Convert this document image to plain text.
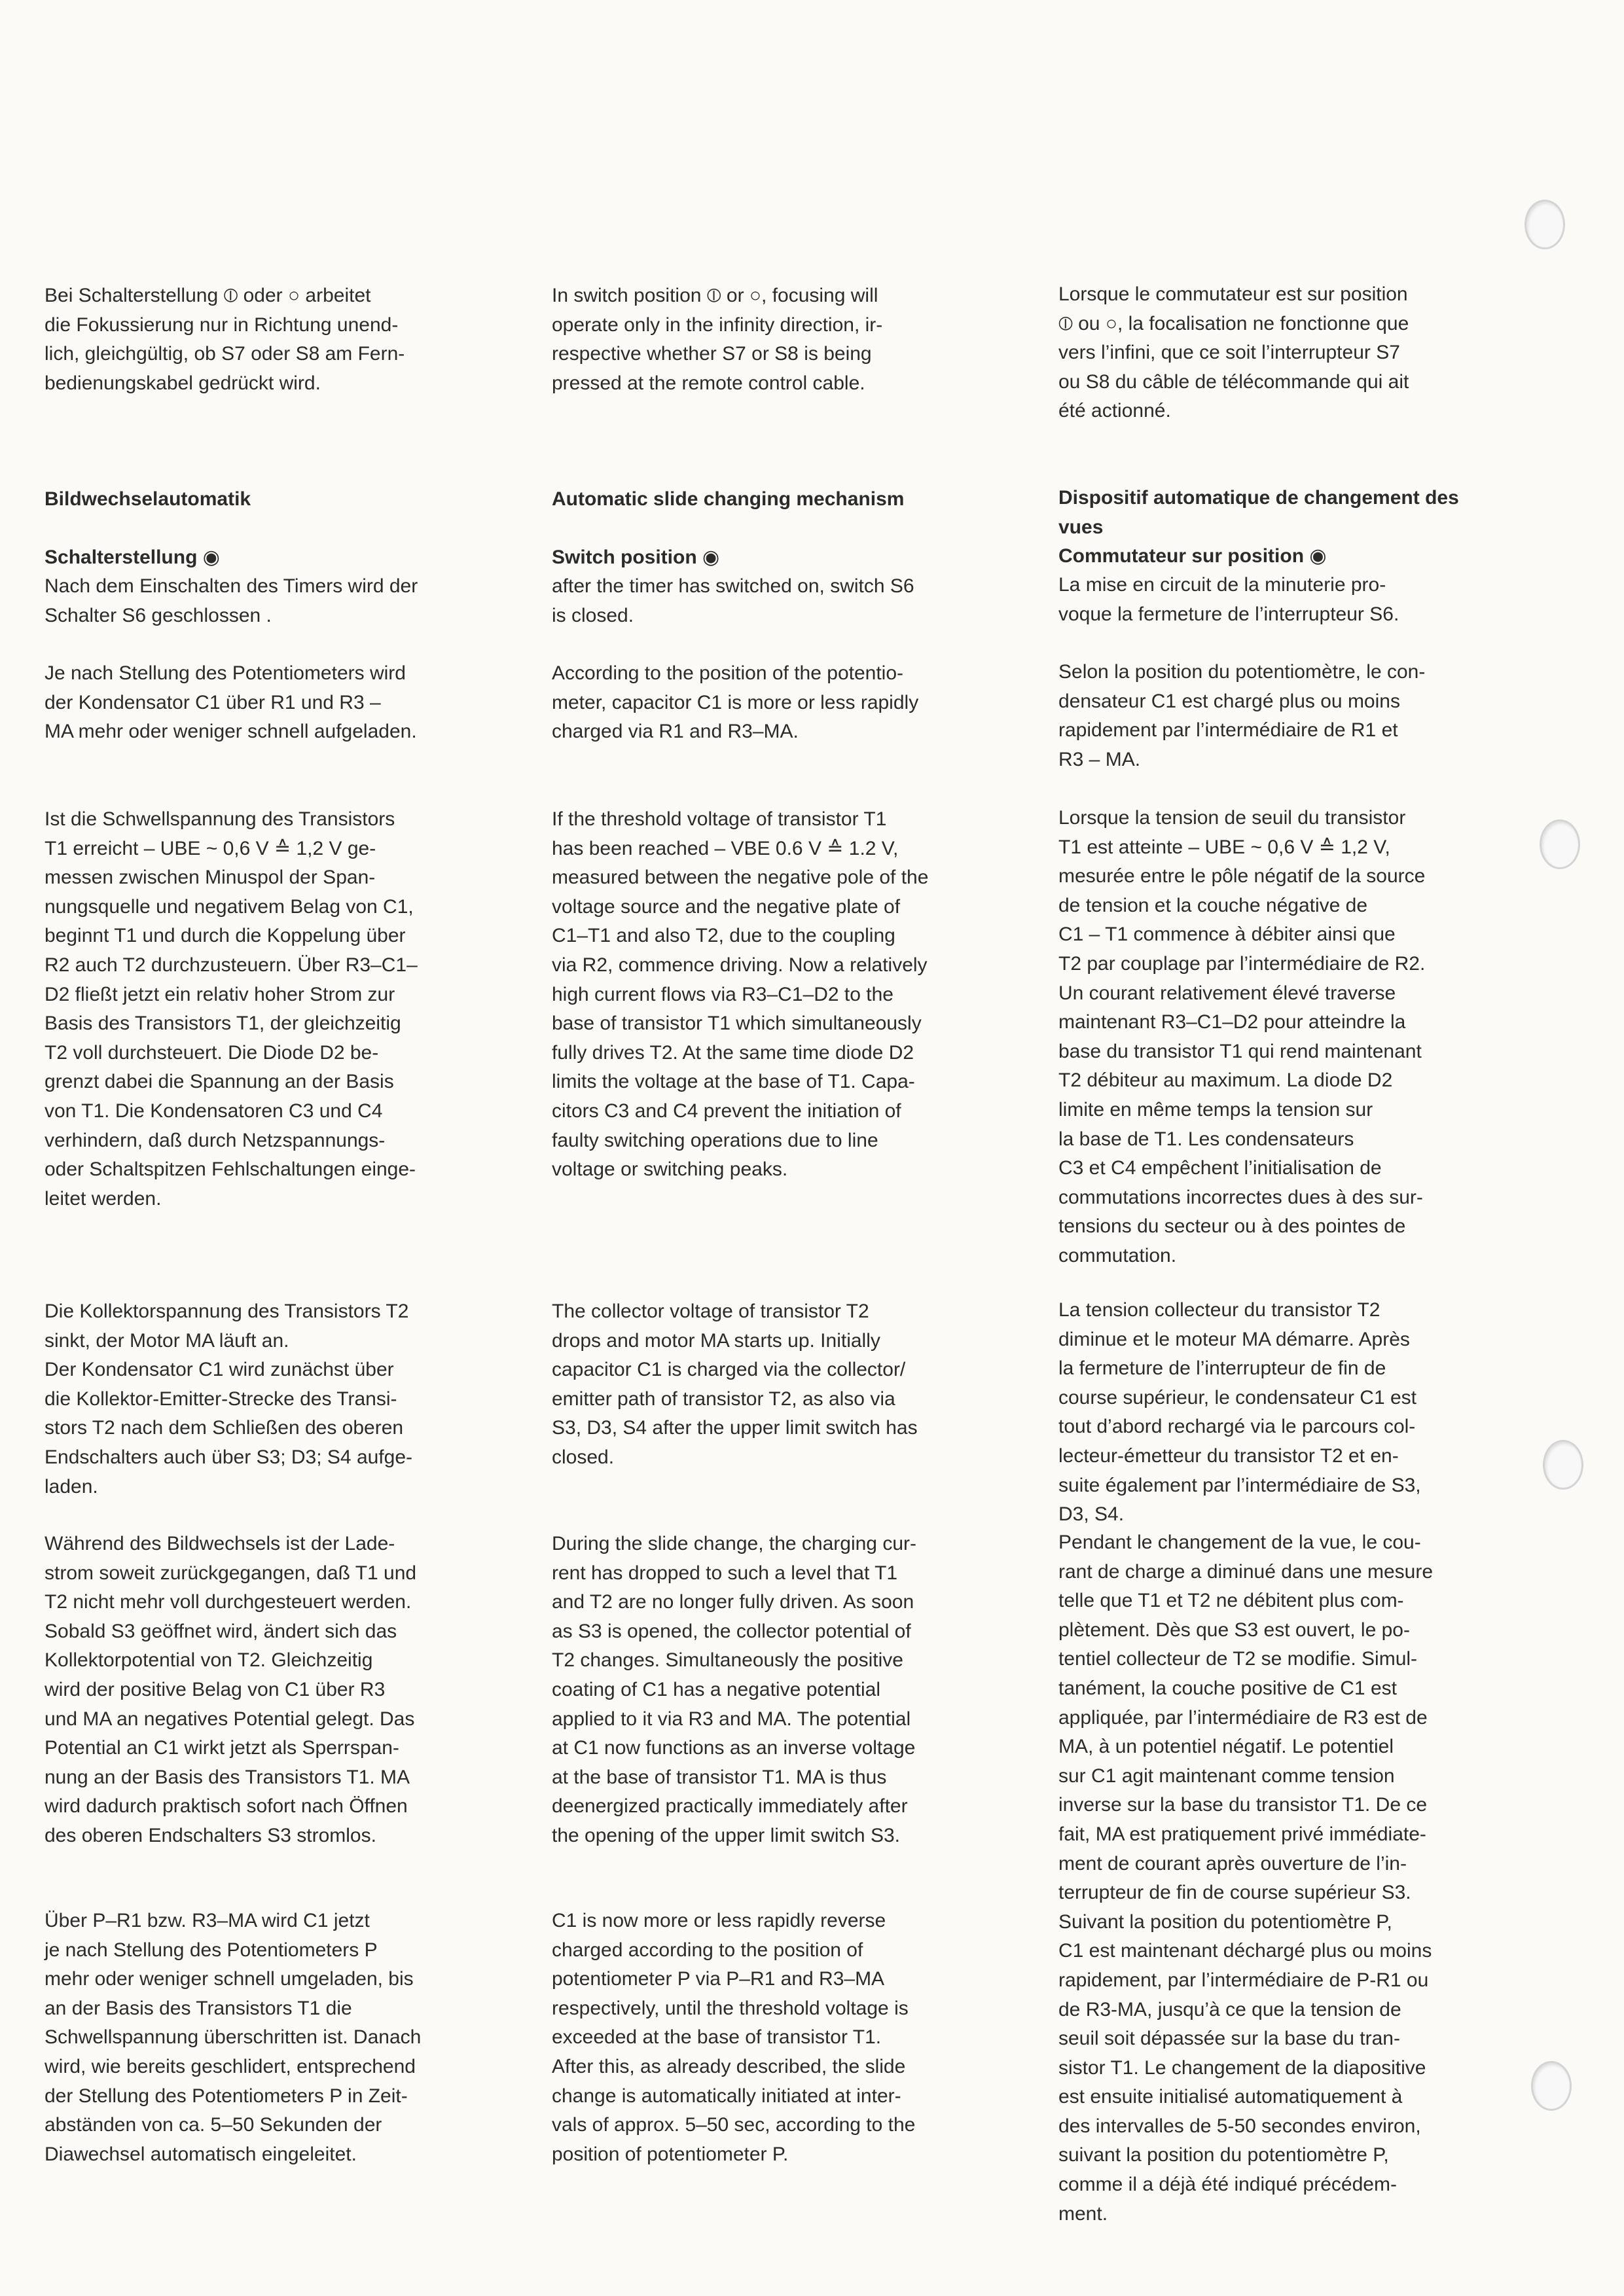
Bei Schalterstellung ⦶ oder ○ arbeitet
die Fokussierung nur in Richtung unend-
lich, gleichgültig, ob S7 oder S8 am Fern-
bedienungskabel gedrückt wird.

Bildwechselautomatik

Schalterstellung ◉

Nach dem Einschalten des Timers wird der
Schalter S6 geschlossen .

Je nach Stellung des Potentiometers wird
der Kondensator C1 über R1 und R3 –
MA mehr oder weniger schnell aufgeladen.

Ist die Schwellspannung des Transistors
T1 erreicht – UBE ~ 0,6 V ≙ 1,2 V ge-
messen zwischen Minuspol der Span-
nungsquelle und negativem Belag von C1,
beginnt T1 und durch die Koppelung über
R2 auch T2 durchzusteuern. Über R3–C1–
D2 fließt jetzt ein relativ hoher Strom zur
Basis des Transistors T1, der gleichzeitig
T2 voll durchsteuert. Die Diode D2 be-
grenzt dabei die Spannung an der Basis
von T1. Die Kondensatoren C3 und C4
verhindern, daß durch Netzspannungs-
oder Schaltspitzen Fehlschaltungen einge-
leitet werden.

Die Kollektorspannung des Transistors T2
sinkt, der Motor MA läuft an.
Der Kondensator C1 wird zunächst über
die Kollektor-Emitter-Strecke des Transi-
stors T2 nach dem Schließen des oberen
Endschalters auch über S3; D3; S4 aufge-
laden.

Während des Bildwechsels ist der Lade-
strom soweit zurückgegangen, daß T1 und
T2 nicht mehr voll durchgesteuert werden.
Sobald S3 geöffnet wird, ändert sich das
Kollektorpotential von T2. Gleichzeitig
wird der positive Belag von C1 über R3
und MA an negatives Potential gelegt. Das
Potential an C1 wirkt jetzt als Sperrspan-
nung an der Basis des Transistors T1. MA
wird dadurch praktisch sofort nach Öffnen
des oberen Endschalters S3 stromlos.

Über P–R1 bzw. R3–MA wird C1 jetzt
je nach Stellung des Potentiometers P
mehr oder weniger schnell umgeladen, bis
an der Basis des Transistors T1 die
Schwellspannung überschritten ist. Danach
wird, wie bereits geschlidert, entsprechend
der Stellung des Potentiometers P in Zeit-
abständen von ca. 5–50 Sekunden der
Diawechsel automatisch eingeleitet.

In switch position ⦶ or ○, focusing will
operate only in the infinity direction, ir-
respective whether S7 or S8 is being
pressed at the remote control cable.

Automatic slide changing mechanism

Switch position ◉

after the timer has switched on, switch S6
is closed.

According to the position of the potentio-
meter, capacitor C1 is more or less rapidly
charged via R1 and R3–MA.

If the threshold voltage of transistor T1
has been reached – VBE 0.6 V ≙ 1.2 V,
measured between the negative pole of the
voltage source and the negative plate of
C1–T1 and also T2, due to the coupling
via R2, commence driving. Now a relatively
high current flows via R3–C1–D2 to the
base of transistor T1 which simultaneously
fully drives T2. At the same time diode D2
limits the voltage at the base of T1. Capa-
citors C3 and C4 prevent the initiation of
faulty switching operations due to line
voltage or switching peaks.

The collector voltage of transistor T2
drops and motor MA starts up. Initially
capacitor C1 is charged via the collector/
emitter path of transistor T2, as also via
S3, D3, S4 after the upper limit switch has
closed.

During the slide change, the charging cur-
rent has dropped to such a level that T1
and T2 are no longer fully driven. As soon
as S3 is opened, the collector potential of
T2 changes. Simultaneously the positive
coating of C1 has a negative potential
applied to it via R3 and MA. The potential
at C1 now functions as an inverse voltage
at the base of transistor T1. MA is thus
deenergized practically immediately after
the opening of the upper limit switch S3.

C1 is now more or less rapidly reverse
charged according to the position of
potentiometer P via P–R1 and R3–MA
respectively, until the threshold voltage is
exceeded at the base of transistor T1.
After this, as already described, the slide
change is automatically initiated at inter-
vals of approx. 5–50 sec, according to the
position of potentiometer P.

Lorsque le commutateur est sur position
⦶ ou ○, la focalisation ne fonctionne que
vers l’infini, que ce soit l’interrupteur S7
ou S8 du câble de télécommande qui ait
été actionné.

Dispositif automatique de changement des
vues

Commutateur sur position ◉

La mise en circuit de la minuterie pro-
voque la fermeture de l’interrupteur S6.

Selon la position du potentiomètre, le con-
densateur C1 est chargé plus ou moins
rapidement par l’intermédiaire de R1 et
R3 – MA.

Lorsque la tension de seuil du transistor
T1 est atteinte – UBE ~ 0,6 V ≙ 1,2 V,
mesurée entre le pôle négatif de la source
de tension et la couche négative de
C1 – T1 commence à débiter ainsi que
T2 par couplage par l’intermédiaire de R2.
Un courant relativement élevé traverse
maintenant R3–C1–D2 pour atteindre la
base du transistor T1 qui rend maintenant
T2 débiteur au maximum. La diode D2
limite en même temps la tension sur
la base de T1. Les condensateurs
C3 et C4 empêchent l’initialisation de
commutations incorrectes dues à des sur-
tensions du secteur ou à des pointes de
commutation.

La tension collecteur du transistor T2
diminue et le moteur MA démarre. Après
la fermeture de l’interrupteur de fin de
course supérieur, le condensateur C1 est
tout d’abord rechargé via le parcours col-
lecteur-émetteur du transistor T2 et en-
suite également par l’intermédiaire de S3,
D3, S4.

Pendant le changement de la vue, le cou-
rant de charge a diminué dans une mesure
telle que T1 et T2 ne débitent plus com-
plètement. Dès que S3 est ouvert, le po-
tentiel collecteur de T2 se modifie. Simul-
tanément, la couche positive de C1 est
appliquée, par l’intermédiaire de R3 est de
MA, à un potentiel négatif. Le potentiel
sur C1 agit maintenant comme tension
inverse sur la base du transistor T1. De ce
fait, MA est pratiquement privé immédiate-
ment de courant après ouverture de l’in-
terrupteur de fin de course supérieur S3.
Suivant la position du potentiomètre P,
C1 est maintenant déchargé plus ou moins
rapidement, par l’intermédiaire de P-R1 ou
de R3-MA, jusqu’à ce que la tension de
seuil soit dépassée sur la base du tran-
sistor T1. Le changement de la diapositive
est ensuite initialisé automatiquement à
des intervalles de 5-50 secondes environ,
suivant la position du potentiomètre P,
comme il a déjà été indiqué précédem-
ment.
